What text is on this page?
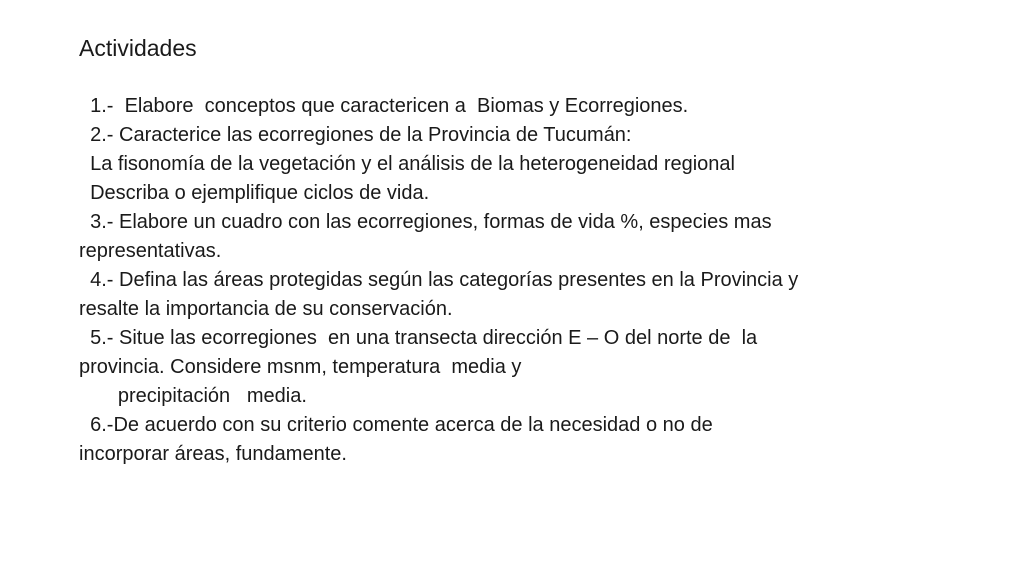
Actividades
1.-  Elabore  conceptos que caractericen a  Biomas y Ecorregiones.
2.- Caracterice las ecorregiones de la Provincia de Tucumán:
La fisonomía de la vegetación y el análisis de la heterogeneidad regional
Describa o ejemplifique ciclos de vida.
3.- Elabore un cuadro con las ecorregiones, formas de vida %, especies mas
representativas.
4.- Defina las áreas protegidas según las categorías presentes en la Provincia y
resalte la importancia de su conservación.
5.- Situe las ecorregiones  en una transecta dirección E – O del norte de  la
provincia. Considere msnm, temperatura  media y
precipitación   media.
6.-De acuerdo con su criterio comente acerca de la necesidad o no de
incorporar áreas, fundamente.
